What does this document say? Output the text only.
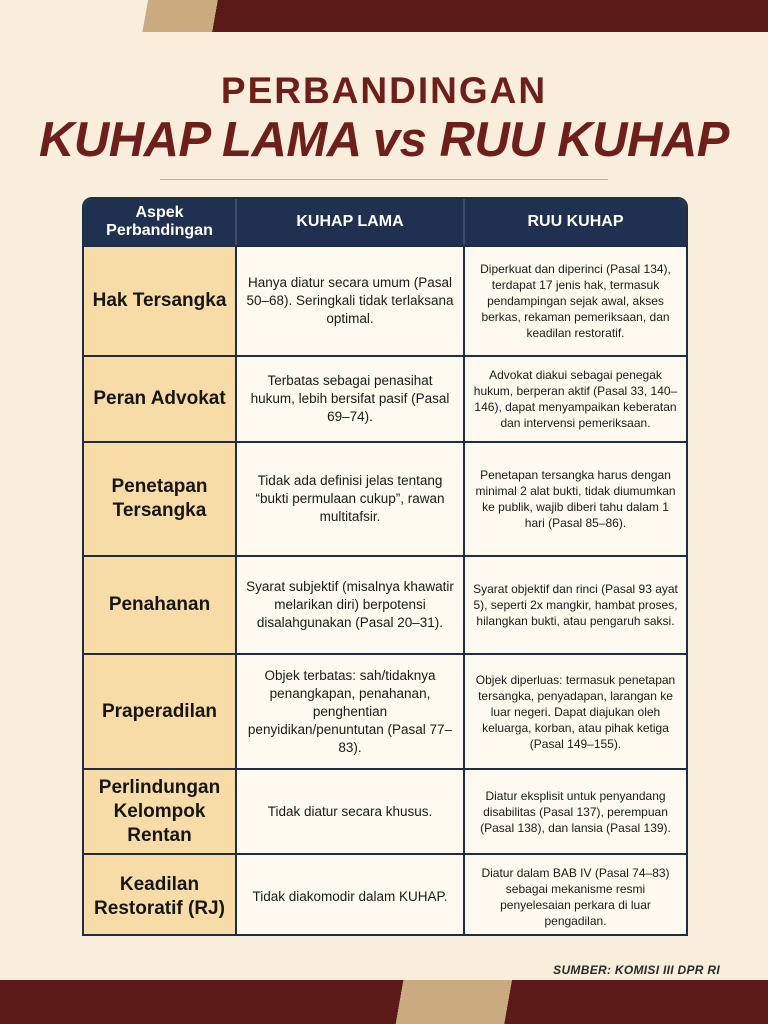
PERBANDINGAN
KUHAP LAMA vs RUU KUHAP
Aspek Perbandingan
KUHAP LAMA	RUU KUHAP
Hak Tersangka
Hanya diatur secara umum (Pasal 50–68). Seringkali tidak terlaksana optimal.
Diperkuat dan diperinci (Pasal 134), terdapat 17 jenis hak, termasuk pendampingan sejak awal, akses berkas, rekaman pemeriksaan, dan keadilan restoratif.
Peran Advokat
Terbatas sebagai penasihat hukum, lebih bersifat pasif (Pasal 69–74).
Advokat diakui sebagai penegak hukum, berperan aktif (Pasal 33, 140–146), dapat menyampaikan keberatan dan intervensi pemeriksaan.
Penetapan Tersangka
Tidak ada definisi jelas tentang “bukti permulaan cukup”, rawan multitafsir.
Penetapan tersangka harus dengan minimal 2 alat bukti, tidak diumumkan ke publik, wajib diberi tahu dalam 1 hari (Pasal 85–86).
Penahanan
Syarat subjektif (misalnya khawatir melarikan diri) berpotensi disalahgunakan (Pasal 20–31).
Syarat objektif dan rinci (Pasal 93 ayat 5), seperti 2x mangkir, hambat proses, hilangkan bukti, atau pengaruh saksi.
Praperadilan
Objek terbatas: sah/tidaknya penangkapan, penahanan, penghentian penyidikan/penuntutan (Pasal 77–83).
Objek diperluas: termasuk penetapan tersangka, penyadapan, larangan ke luar negeri. Dapat diajukan oleh keluarga, korban, atau pihak ketiga (Pasal 149–155).
Perlindungan Kelompok Rentan
Tidak diatur secara khusus.
Diatur eksplisit untuk penyandang disabilitas (Pasal 137), perempuan (Pasal 138), dan lansia (Pasal 139).
Keadilan Restoratif (RJ)
Tidak diakomodir dalam KUHAP.
Diatur dalam BAB IV (Pasal 74–83) sebagai mekanisme resmi penyelesaian perkara di luar pengadilan.
SUMBER: KOMISI III DPR RI
